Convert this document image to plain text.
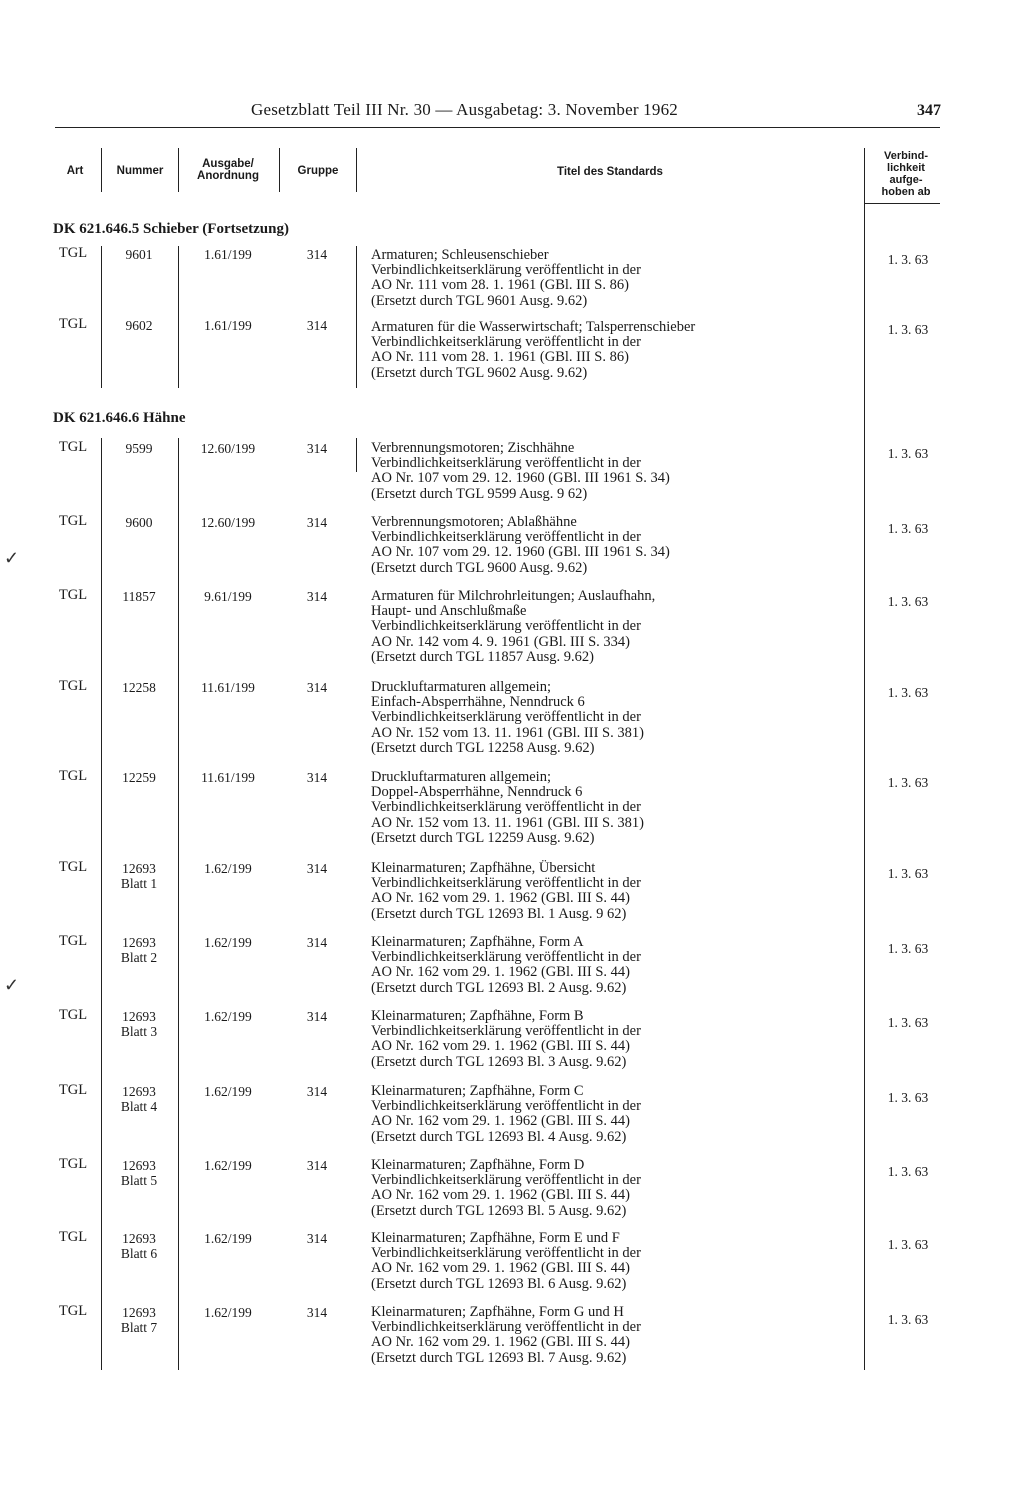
Gesetzblatt Teil III Nr. 30 — Ausgabetag: 3. November 1962	347
Art	Nummer
Ausgabe/
Anordnung	Gruppe	Titel des Standards
Verbind-
lichkeit
aufge-
hoben ab
DK 621.646.5 Schieber (Fortsetzung)
TGL	9601	1.61/199	314	Armaturen; Schleusenschieber
Verbindlichkeitserklärung veröffentlicht in der
AO Nr. 111 vom 28. 1. 1961 (GBl. III S. 86)
(Ersetzt durch TGL 9601 Ausg. 9.62)
1. 3. 63
TGL	9602	1.61/199	314	Armaturen für die Wasserwirtschaft; Talsperrenschieber
Verbindlichkeitserklärung veröffentlicht in der
AO Nr. 111 vom 28. 1. 1961 (GBl. III S. 86)
(Ersetzt durch TGL 9602 Ausg. 9.62)
1. 3. 63
DK 621.646.6 Hähne
TGL	9599	12.60/199	314	Verbrennungsmotoren; Zischhähne
Verbindlichkeitserklärung veröffentlicht in der
AO Nr. 107 vom 29. 12. 1960 (GBl. III 1961 S. 34)
(Ersetzt durch TGL 9599 Ausg. 9 62)
1. 3. 63
TGL	9600	12.60/199	314	Verbrennungsmotoren; Ablaßhähne
Verbindlichkeitserklärung veröffentlicht in der
AO Nr. 107 vom 29. 12. 1960 (GBl. III 1961 S. 34)
(Ersetzt durch TGL 9600 Ausg. 9.62)
1. 3. 63
TGL	11857	9.61/199	314	Armaturen für Milchrohrleitungen; Auslaufhahn,
Haupt- und Anschlußmaße
Verbindlichkeitserklärung veröffentlicht in der
AO Nr. 142 vom 4. 9. 1961 (GBl. III S. 334)
(Ersetzt durch TGL 11857 Ausg. 9.62)
1. 3. 63
TGL	12258	11.61/199	314	Druckluftarmaturen allgemein;
Einfach-Absperrhähne, Nenndruck 6
Verbindlichkeitserklärung veröffentlicht in der
AO Nr. 152 vom 13. 11. 1961 (GBl. III S. 381)
(Ersetzt durch TGL 12258 Ausg. 9.62)
1. 3. 63
TGL	12259	11.61/199	314	Druckluftarmaturen allgemein;
Doppel-Absperrhähne, Nenndruck 6
Verbindlichkeitserklärung veröffentlicht in der
AO Nr. 152 vom 13. 11. 1961 (GBl. III S. 381)
(Ersetzt durch TGL 12259 Ausg. 9.62)
1. 3. 63
TGL	12693
Blatt 1
1.62/199	314	Kleinarmaturen; Zapfhähne, Übersicht
Verbindlichkeitserklärung veröffentlicht in der
AO Nr. 162 vom 29. 1. 1962 (GBl. III S. 44)
(Ersetzt durch TGL 12693 Bl. 1 Ausg. 9 62)
1. 3. 63
TGL	12693
Blatt 2
1.62/199	314	Kleinarmaturen; Zapfhähne, Form A
Verbindlichkeitserklärung veröffentlicht in der
AO Nr. 162 vom 29. 1. 1962 (GBl. III S. 44)
(Ersetzt durch TGL 12693 Bl. 2 Ausg. 9.62)
1. 3. 63
TGL	12693
Blatt 3
1.62/199	314	Kleinarmaturen; Zapfhähne, Form B
Verbindlichkeitserklärung veröffentlicht in der
AO Nr. 162 vom 29. 1. 1962 (GBl. III S. 44)
(Ersetzt durch TGL 12693 Bl. 3 Ausg. 9.62)
1. 3. 63
TGL	12693
Blatt 4
1.62/199	314	Kleinarmaturen; Zapfhähne, Form C
Verbindlichkeitserklärung veröffentlicht in der
AO Nr. 162 vom 29. 1. 1962 (GBl. III S. 44)
(Ersetzt durch TGL 12693 Bl. 4 Ausg. 9.62)
1. 3. 63
TGL	12693
Blatt 5
1.62/199	314	Kleinarmaturen; Zapfhähne, Form D
Verbindlichkeitserklärung veröffentlicht in der
AO Nr. 162 vom 29. 1. 1962 (GBl. III S. 44)
(Ersetzt durch TGL 12693 Bl. 5 Ausg. 9.62)
1. 3. 63
TGL	12693
Blatt 6
1.62/199	314	Kleinarmaturen; Zapfhähne, Form E und F
Verbindlichkeitserklärung veröffentlicht in der
AO Nr. 162 vom 29. 1. 1962 (GBl. III S. 44)
(Ersetzt durch TGL 12693 Bl. 6 Ausg. 9.62)
1. 3. 63
TGL	12693
Blatt 7
1.62/199	314	Kleinarmaturen; Zapfhähne, Form G und H
Verbindlichkeitserklärung veröffentlicht in der
AO Nr. 162 vom 29. 1. 1962 (GBl. III S. 44)
(Ersetzt durch TGL 12693 Bl. 7 Ausg. 9.62)
1. 3. 63
✓
✓
